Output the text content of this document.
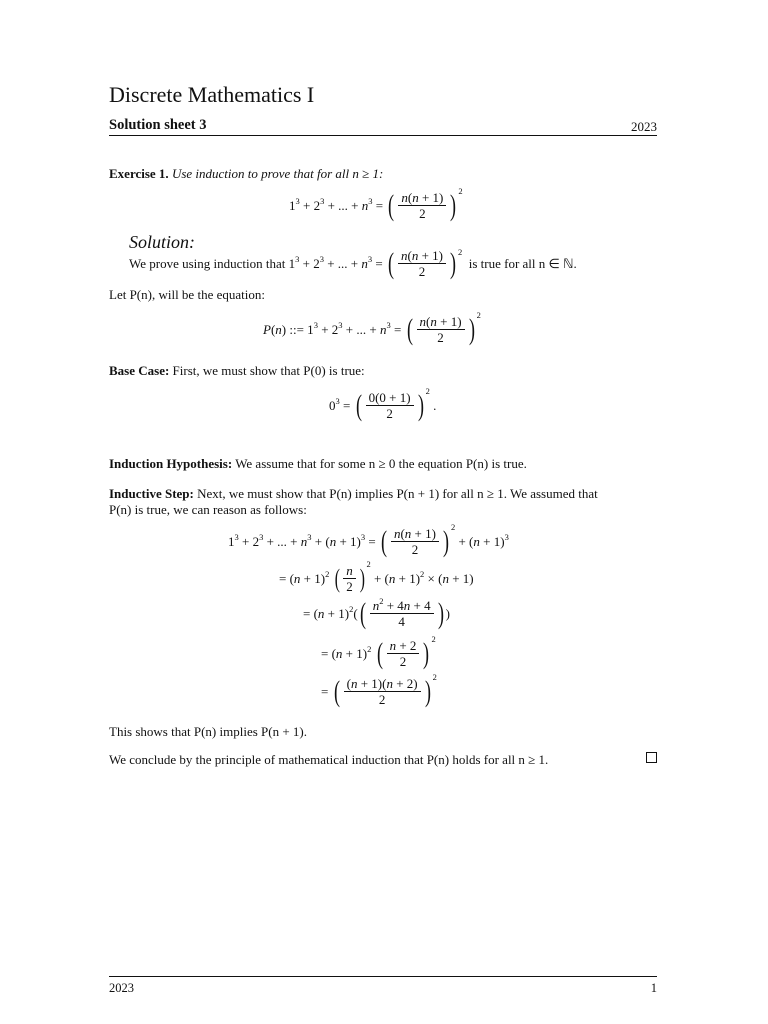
Discrete Mathematics I
Solution sheet 3	2023
Exercise 1. Use induction to prove that for all n ≥ 1:
$1^3 + 2^3$ + ... + $n^3$ = ( $\frac{n(n + 1)}{2}$ ) 2
Solution:
We prove using induction that $1^3 + 2^3$ + ... + $n^3$ = ( $\frac{n(n + 1)}{2}$ ) 2

is true for all n ∈ ℕ.
Let P(n), will be the equation:
P(n) ::= $1^3 + 2^3$ + ... + $n^3$ = ( $\frac{n(n + 1)}{2}$ ) 2
Base Case: First, we must show that P(0) is true:
$0^3$ = ( $\frac{0(0 + 1)}{2}$ ) 2
.
Induction Hypothesis: We assume that for some n ≥ 0 the equation P(n) is true.
Inductive Step: Next, we must show that P(n) implies P(n + 1) for all n ≥ 1. We assumed that
P(n) is true, we can reason as follows:
$1^3 + 2^3$ + ... + $n^3 + (n + 1)^3$ = ( $\frac{n(n + 1)}{2}$ ) 2
+ $(n + 1)^3$
= $(n + 1)^2$ ( $\frac{n}{2}$ ) 2
+ $(n + 1)^2 \times (n + 1)$
= $(n + 1)^2$( ( $\frac{n^2 + 4n + 4}{4}$ ) )
= $(n + 1)^2$ ( $\frac{n + 2}{2}$ ) 2
= ( $\frac{(n + 1)(n + 2)}{2}$ ) 2
This shows that P(n) implies P(n + 1).
We conclude by the principle of mathematical induction that P(n) holds for all n ≥ 1.
2023	1
